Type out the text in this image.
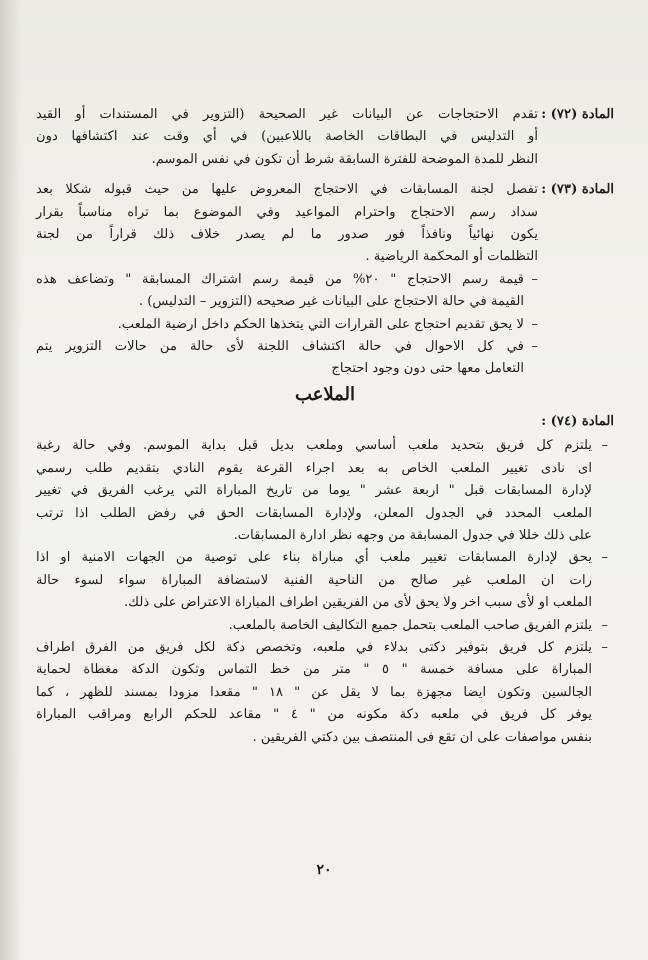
المادة (٧٢) :
تقدم الاحتجاجات عن البيانات غير الصحيحة (التزوير في المستندات أو القيد
أو التدليس في البطاقات الخاصة باللاعبين) في أي وقت عند اكتشافها دون
النظر للمدة الموضحة للفترة السابقة شرط أن تكون في نفس الموسم.
المادة (٧٣) :
تفصل لجنة المسابقات في الاحتجاج المعروض عليها من حيث قبوله شكلا بعد
سداد رسم الاحتجاج واحترام المواعيد وفي الموضوع بما تراه مناسباً بقرار
يكون نهائياً ونافذاً فور صدور ما لم يصدر خلاف ذلك قراراً من لجنة
التظلمات أو المحكمة الرياضية .
–
قيمة رسم الاحتجاج " ٢٠% من قيمة رسم اشتراك المسابقة " وتضاعف هذه
القيمة في حالة الاحتجاج على البيانات غير صحيحه (التزوير – التدليس) .
–
لا يحق تقديم احتجاج على القرارات التي يتخذها الحكم داخل ارضية الملعب.
–
في كل الاحوال في حالة اكتشاف اللجنة لأى حالة من حالات التزوير يتم
التعامل معها حتى دون وجود احتجاج
الملاعب
المادة (٧٤) :
–
يلتزم كل فريق بتحديد ملعب أساسي وملعب بديل قبل بداية الموسم. وفي حالة رغبة
اى نادى تغيير الملعب الخاص به بعد اجراء القرعة يقوم النادي بتقديم طلب رسمي
لإدارة المسابقات قبل " اربعة عشر " يوما من تاريخ المباراة التي يرغب الفريق في تغيير
الملعب المحدد في الجدول المعلن، ولإدارة المسابقات الحق في رفض الطلب اذا ترتب
على ذلك خللا في جدول المسابقة من وجهه نظر ادارة المسابقات.
–
يحق لإدارة المسابقات تغيير ملعب أي مباراة بناء على توصية من الجهات الامنية او اذا
رات ان الملعب غير صالح من الناحية الفنية لاستضافة المباراة سواء لسوء حالة
الملعب او لأى سبب اخر ولا يحق لأى من الفريقين اطراف المباراة الاعتراض على ذلك.
–
يلتزم الفريق صاحب الملعب بتحمل جميع التكاليف الخاصة بالملعب.
–
يلتزم كل فريق بتوفير دكتى بدلاء في ملعبه، وتخصص دكة لكل فريق من الفرق اطراف
المباراة على مسافة خمسة " ٥ " متر من خط التماس وتكون الدكة مغطاة لحماية
الجالسين وتكون ايضا مجهزة بما لا يقل عن " ١٨ " مقعدا مزودا بمسند للظهر ، كما
يوفر كل فريق في ملعبه دكة مكونه من " ٤ " مقاعد للحكم الرابع ومراقب المباراة
بنفس مواصفات على ان تقع فى المنتصف بين دكتي الفريقين .
٢٠
